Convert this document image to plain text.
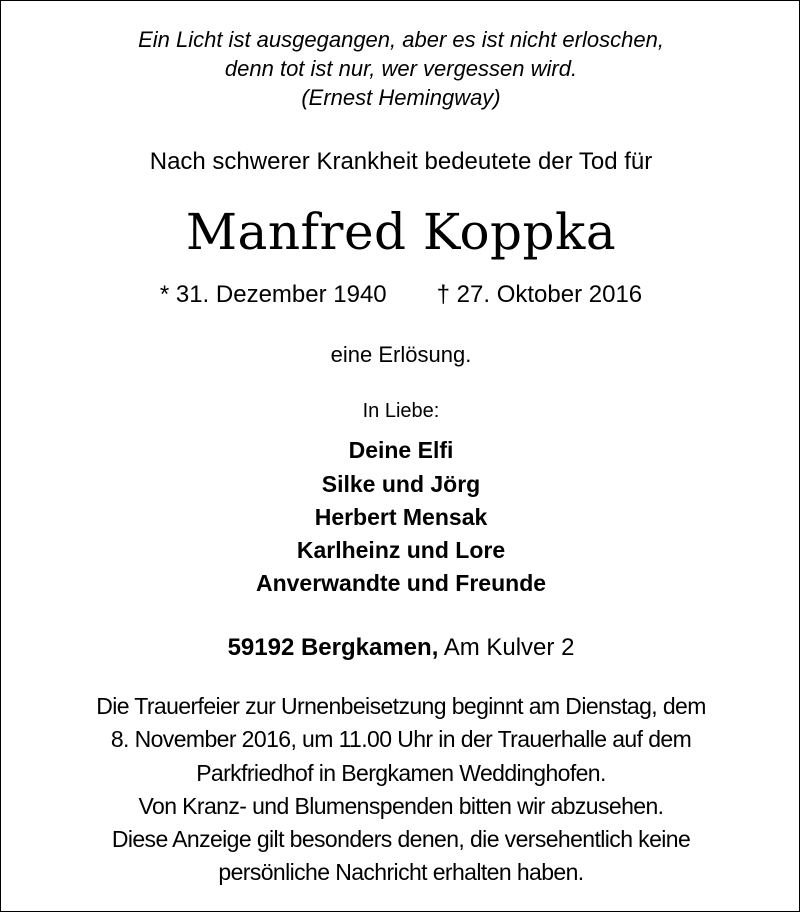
Ein Licht ist ausgegangen, aber es ist nicht erloschen,
denn tot ist nur, wer vergessen wird.
(Ernest Hemingway)
Nach schwerer Krankheit bedeutete der Tod für
Manfred Koppka
* 31. Dezember 1940 † 27. Oktober 2016
eine Erlösung.
In Liebe:
Deine Elfi
Silke und Jörg
Herbert Mensak
Karlheinz und Lore
Anverwandte und Freunde
59192 Bergkamen, Am Kulver 2
Die Trauerfeier zur Urnenbeisetzung beginnt am Dienstag, dem
8. November 2016, um 11.00 Uhr in der Trauerhalle auf dem
Parkfriedhof in Bergkamen Weddinghofen.
Von Kranz- und Blumenspenden bitten wir abzusehen.
Diese Anzeige gilt besonders denen, die versehentlich keine
persönliche Nachricht erhalten haben.
